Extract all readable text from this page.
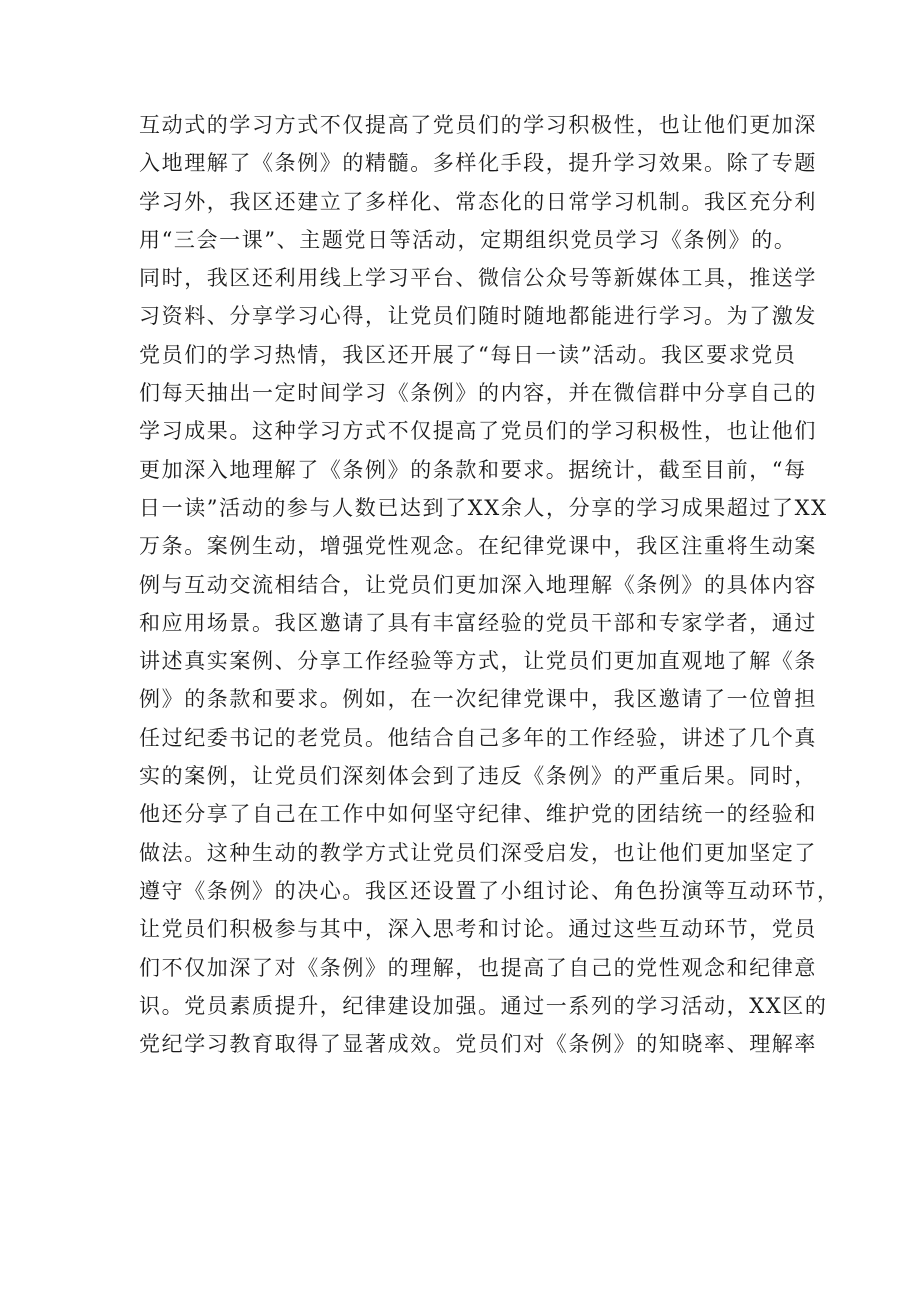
互动式的学习方式不仅提高了党员们的学习积极性，也让他们更加深
入地理解了《条例》的精髓。多样化手段，提升学习效果。除了专题
学习外，我区还建立了多样化、常态化的日常学习机制。我区充分利
用“三会一课”、主题党日等活动，定期组织党员学习《条例》的。
同时，我区还利用线上学习平台、微信公众号等新媒体工具，推送学
习资料、分享学习心得，让党员们随时随地都能进行学习。为了激发
党员们的学习热情，我区还开展了“每日一读”活动。我区要求党员
们每天抽出一定时间学习《条例》的内容，并在微信群中分享自己的
学习成果。这种学习方式不仅提高了党员们的学习积极性，也让他们
更加深入地理解了《条例》的条款和要求。据统计，截至目前，“每
日一读”活动的参与人数已达到了XX余人，分享的学习成果超过了XX
万条。案例生动，增强党性观念。在纪律党课中，我区注重将生动案
例与互动交流相结合，让党员们更加深入地理解《条例》的具体内容
和应用场景。我区邀请了具有丰富经验的党员干部和专家学者，通过
讲述真实案例、分享工作经验等方式，让党员们更加直观地了解《条
例》的条款和要求。例如，在一次纪律党课中，我区邀请了一位曾担
任过纪委书记的老党员。他结合自己多年的工作经验，讲述了几个真
实的案例，让党员们深刻体会到了违反《条例》的严重后果。同时，
他还分享了自己在工作中如何坚守纪律、维护党的团结统一的经验和
做法。这种生动的教学方式让党员们深受启发，也让他们更加坚定了
遵守《条例》的决心。我区还设置了小组讨论、角色扮演等互动环节，
让党员们积极参与其中，深入思考和讨论。通过这些互动环节，党员
们不仅加深了对《条例》的理解，也提高了自己的党性观念和纪律意
识。党员素质提升，纪律建设加强。通过一系列的学习活动，XX区的
党纪学习教育取得了显著成效。党员们对《条例》的知晓率、理解率
